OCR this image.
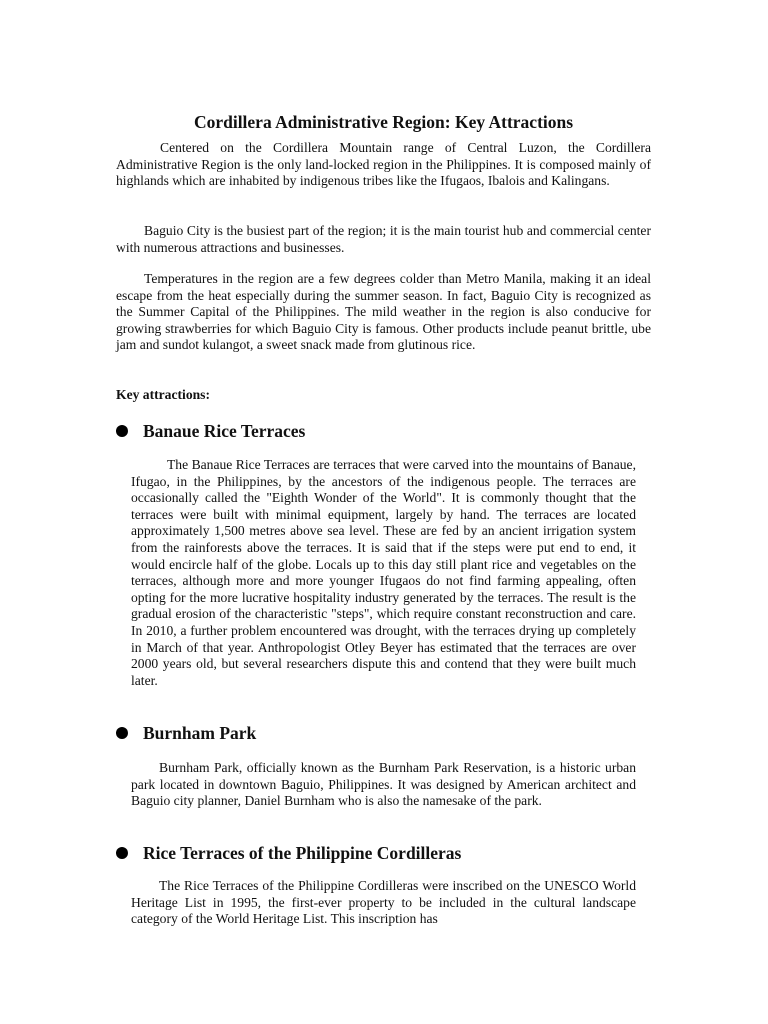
Cordillera Administrative Region: Key Attractions

Centered on the Cordillera Mountain range of Central Luzon, the Cordillera Administrative Region is the only land-locked region in the Philippines. It is composed mainly of highlands which are inhabited by indigenous tribes like the Ifugaos, Ibalois and Kalingans.

Baguio City is the busiest part of the region; it is the main tourist hub and commercial center with numerous attractions and businesses.

Temperatures in the region are a few degrees colder than Metro Manila, making it an ideal escape from the heat especially during the summer season. In fact, Baguio City is recognized as the Summer Capital of the Philippines. The mild weather in the region is also conducive for growing strawberries for which Baguio City is famous. Other products include peanut brittle, ube jam and sundot kulangot, a sweet snack made from glutinous rice.

Key attractions:

Banaue Rice Terraces

The Banaue Rice Terraces are terraces that were carved into the mountains of Banaue, Ifugao, in the Philippines, by the ancestors of the indigenous people. The terraces are occasionally called the "Eighth Wonder of the World". It is commonly thought that the terraces were built with minimal equipment, largely by hand. The terraces are located approximately 1,500 metres above sea level. These are fed by an ancient irrigation system from the rainforests above the terraces. It is said that if the steps were put end to end, it would encircle half of the globe. Locals up to this day still plant rice and vegetables on the terraces, although more and more younger Ifugaos do not find farming appealing, often opting for the more lucrative hospitality industry generated by the terraces. The result is the gradual erosion of the characteristic "steps", which require constant reconstruction and care. In 2010, a further problem encountered was drought, with the terraces drying up completely in March of that year. Anthropologist Otley Beyer has estimated that the terraces are over 2000 years old, but several researchers dispute this and contend that they were built much later.

Burnham Park

Burnham Park, officially known as the Burnham Park Reservation, is a historic urban park located in downtown Baguio, Philippines. It was designed by American architect and Baguio city planner, Daniel Burnham who is also the namesake of the park.

Rice Terraces of the Philippine Cordilleras

The Rice Terraces of the Philippine Cordilleras were inscribed on the UNESCO World Heritage List in 1995, the first-ever property to be included in the cultural landscape category of the World Heritage List. This inscription has
